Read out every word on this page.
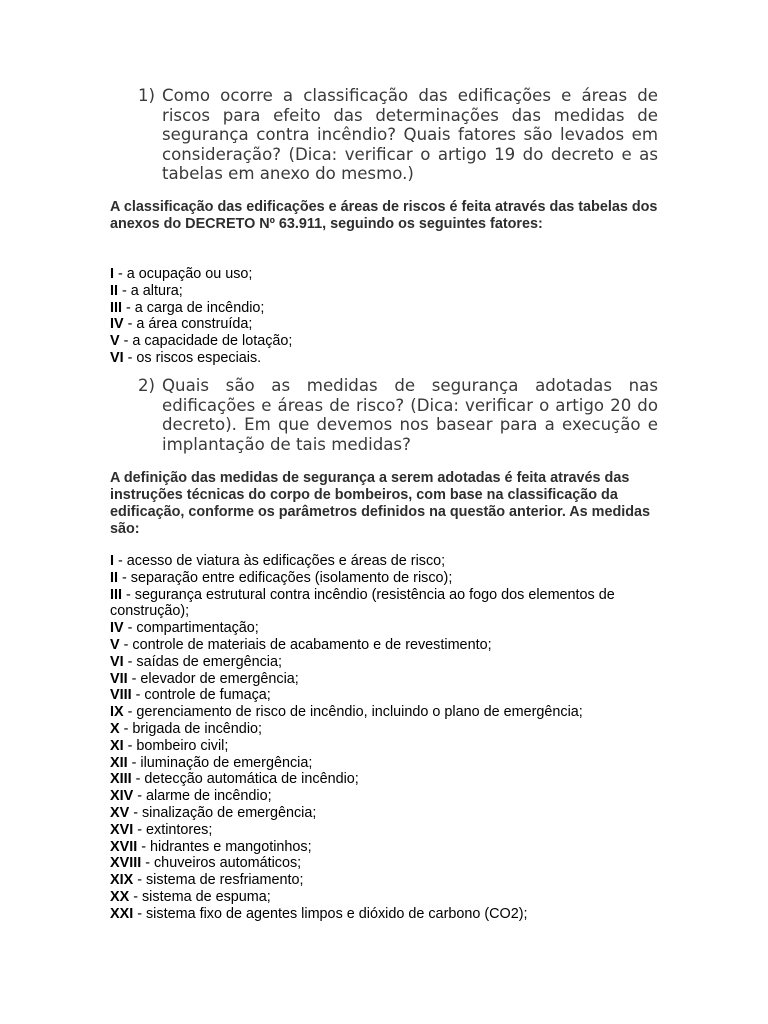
1) Como ocorre a classificação das edificações e áreas de riscos para efeito das determinações das medidas de segurança contra incêndio? Quais fatores são levados em consideração? (Dica: verificar o artigo 19 do decreto e as tabelas em anexo do mesmo.)
A classificação das edificações e áreas de riscos é feita através das tabelas dos anexos do DECRETO Nº 63.911, seguindo os seguintes fatores:
I - a ocupação ou uso;
II - a altura;
III - a carga de incêndio;
IV - a área construída;
V - a capacidade de lotação;
VI - os riscos especiais.
2) Quais são as medidas de segurança adotadas nas edificações e áreas de risco? (Dica: verificar o artigo 20 do decreto). Em que devemos nos basear para a execução e implantação de tais medidas?
A definição das medidas de segurança a serem adotadas é feita através das instruções técnicas do corpo de bombeiros, com base na classificação da edificação, conforme os parâmetros definidos na questão anterior. As medidas são:
I - acesso de viatura às edificações e áreas de risco;
II - separação entre edificações (isolamento de risco);
III - segurança estrutural contra incêndio (resistência ao fogo dos elementos de construção);
IV - compartimentação;
V - controle de materiais de acabamento e de revestimento;
VI - saídas de emergência;
VII - elevador de emergência;
VIII - controle de fumaça;
IX - gerenciamento de risco de incêndio, incluindo o plano de emergência;
X - brigada de incêndio;
XI - bombeiro civil;
XII - iluminação de emergência;
XIII - detecção automática de incêndio;
XIV - alarme de incêndio;
XV - sinalização de emergência;
XVI - extintores;
XVII - hidrantes e mangotinhos;
XVIII - chuveiros automáticos;
XIX - sistema de resfriamento;
XX - sistema de espuma;
XXI - sistema fixo de agentes limpos e dióxido de carbono (CO2);
